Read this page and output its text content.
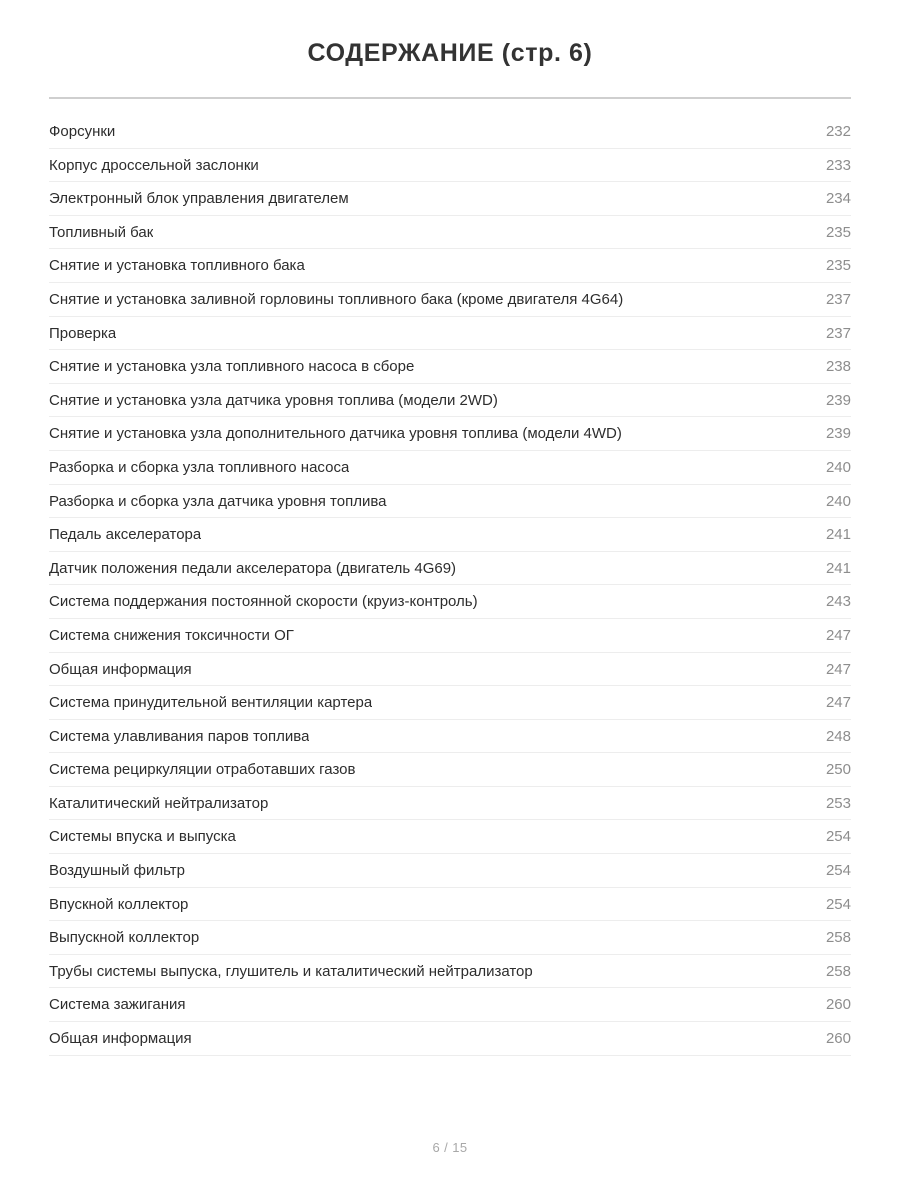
СОДЕРЖАНИЕ (стр. 6)
Форсунки	232
Корпус дроссельной заслонки	233
Электронный блок управления двигателем	234
Топливный бак	235
Снятие и установка топливного бака	235
Снятие и установка заливной горловины топливного бака (кроме двигателя 4G64)	237
Проверка	237
Снятие и установка узла топливного насоса в сборе	238
Снятие и установка узла датчика уровня топлива (модели 2WD)	239
Снятие и установка узла дополнительного датчика уровня топлива (модели 4WD)	239
Разборка и сборка узла топливного насоса	240
Разборка и сборка узла датчика уровня топлива	240
Педаль акселератора	241
Датчик положения педали акселератора (двигатель 4G69)	241
Система поддержания постоянной скорости (круиз-контроль)	243
Система снижения токсичности ОГ	247
Общая информация	247
Система принудительной вентиляции картера	247
Система улавливания паров топлива	248
Система рециркуляции отработавших газов	250
Каталитический нейтрализатор	253
Системы впуска и выпуска	254
Воздушный фильтр	254
Впускной коллектор	254
Выпускной коллектор	258
Трубы системы выпуска, глушитель и каталитический нейтрализатор	258
Система зажигания	260
Общая информация	260
6 / 15
